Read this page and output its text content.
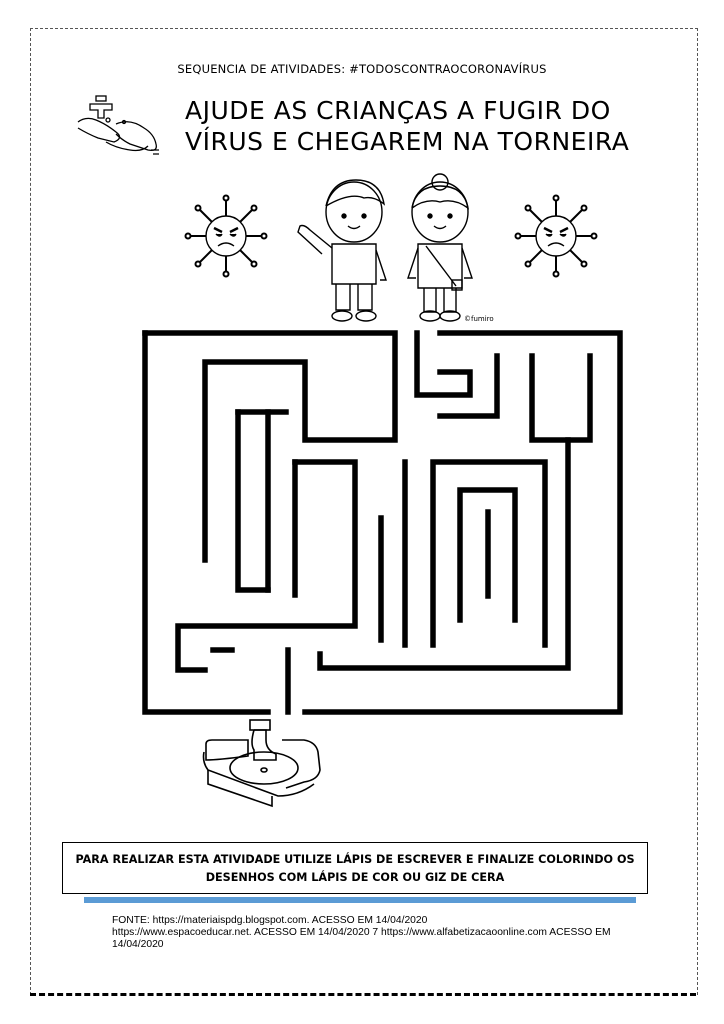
SEQUENCIA DE ATIVIDADES: #TODOSCONTRAOCORONAVÍRUS
AJUDE AS CRIANÇAS A FUGIR DO
VÍRUS E CHEGAREM NA TORNEIRA
©fumiro
PARA REALIZAR ESTA ATIVIDADE UTILIZE LÁPIS DE ESCREVER E FINALIZE COLORINDO OS
DESENHOS COM LÁPIS DE COR OU GIZ DE CERA
FONTE: https://materiaispdg.blogspot.com. ACESSO EM 14/04/2020
https://www.espacoeducar.net. ACESSO EM 14/04/2020 7 https://www.alfabetizacaoonline.com ACESSO EM 14/04/2020
